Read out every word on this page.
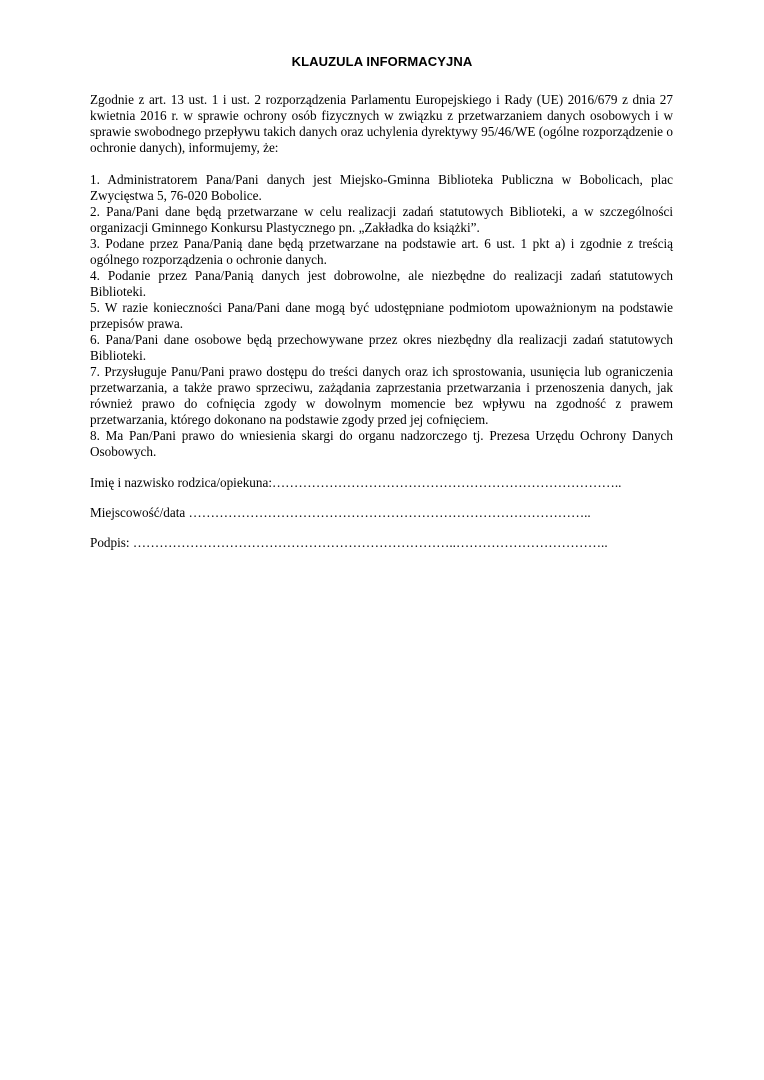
KLAUZULA INFORMACYJNA

Zgodnie z art. 13 ust. 1 i ust. 2 rozporządzenia Parlamentu Europejskiego i Rady (UE) 2016/679 z dnia 27 kwietnia 2016 r. w sprawie ochrony osób fizycznych w związku z przetwarzaniem danych osobowych i w sprawie swobodnego przepływu takich danych oraz uchylenia dyrektywy 95/46/WE (ogólne rozporządzenie o ochronie danych), informujemy, że:

1. Administratorem Pana/Pani danych jest Miejsko-Gminna Biblioteka Publiczna w Bobolicach, plac Zwycięstwa 5, 76-020 Bobolice.
2. Pana/Pani dane będą przetwarzane w celu realizacji zadań statutowych Biblioteki, a w szczególności organizacji Gminnego Konkursu Plastycznego pn. „Zakładka do książki”.
3. Podane przez Pana/Panią dane będą przetwarzane na podstawie art. 6 ust. 1 pkt a) i zgodnie z treścią ogólnego rozporządzenia o ochronie danych.
4. Podanie przez Pana/Panią danych jest dobrowolne, ale niezbędne do realizacji zadań statutowych Biblioteki.
5. W razie konieczności Pana/Pani dane mogą być udostępniane podmiotom upoważnionym na podstawie przepisów prawa.
6. Pana/Pani dane osobowe będą przechowywane przez okres niezbędny dla realizacji zadań statutowych Biblioteki.
7. Przysługuje Panu/Pani prawo dostępu do treści danych oraz ich sprostowania, usunięcia lub ograniczenia przetwarzania, a także prawo sprzeciwu, zażądania zaprzestania przetwarzania i przenoszenia danych, jak również prawo do cofnięcia zgody w dowolnym momencie bez wpływu na zgodność z prawem przetwarzania, którego dokonano na podstawie zgody przed jej cofnięciem.
8. Ma Pan/Pani prawo do wniesienia skargi do organu nadzorczego tj. Prezesa Urzędu Ochrony Danych Osobowych.

Imię i nazwisko rodzica/opiekuna:……………………………………………………………………..

Miejscowość/data ………………………………………………………………………………..

Podpis: ………………………………………………………………..……………………………..
